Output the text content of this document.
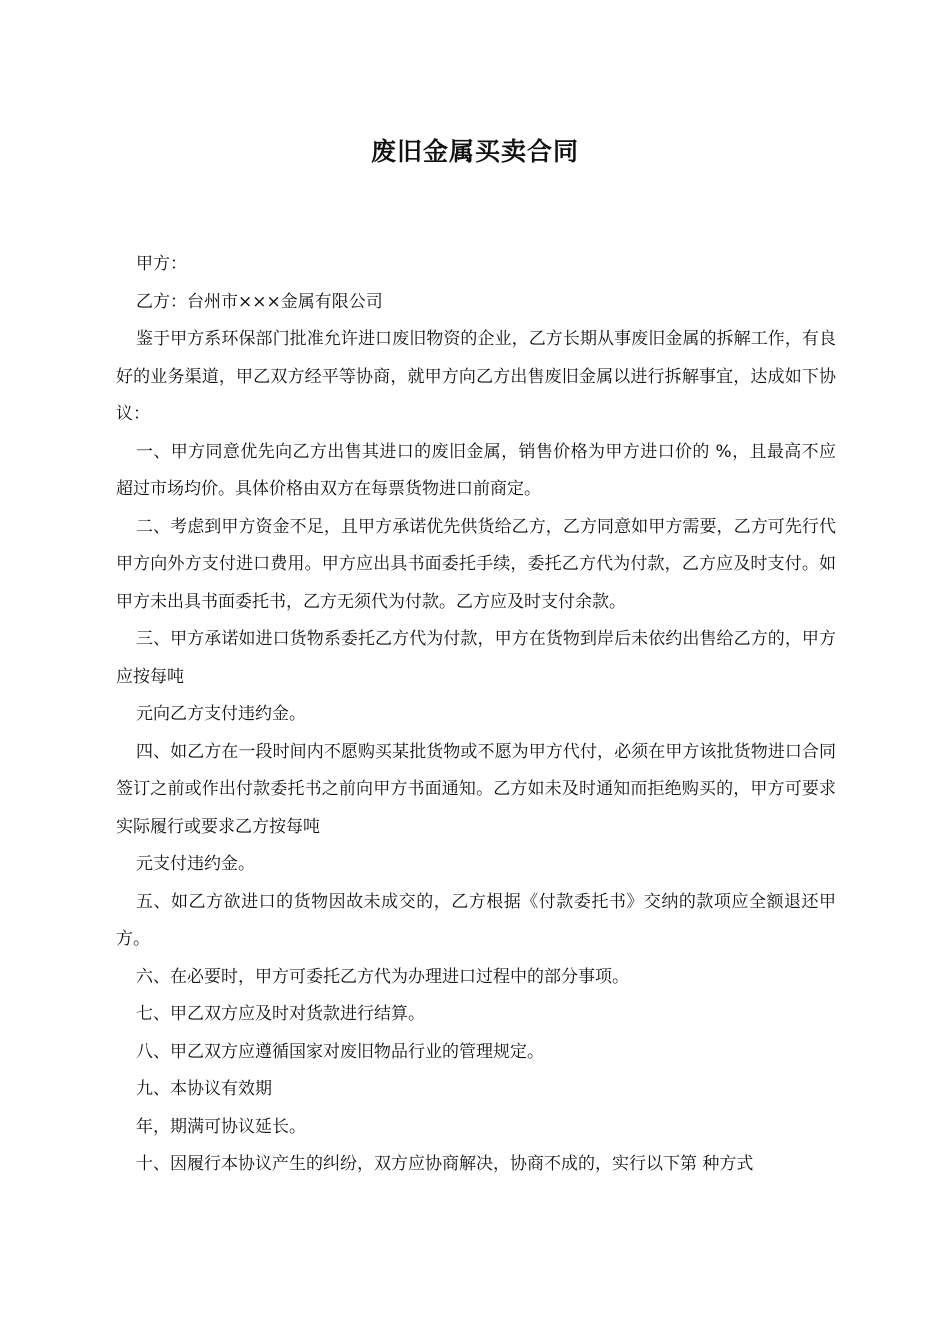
废旧金属买卖合同

甲方：

乙方：台州市×××金属有限公司

鉴于甲方系环保部门批准允许进口废旧物资的企业，乙方长期从事废旧金属的拆解工作，有良好的业务渠道，甲乙双方经平等协商，就甲方向乙方出售废旧金属以进行拆解事宜，达成如下协议：

一、甲方同意优先向乙方出售其进口的废旧金属，销售价格为甲方进口价的 %，且最高不应超过市场均价。具体价格由双方在每票货物进口前商定。

二、考虑到甲方资金不足，且甲方承诺优先供货给乙方，乙方同意如甲方需要，乙方可先行代甲方向外方支付进口费用。甲方应出具书面委托手续，委托乙方代为付款，乙方应及时支付。如甲方未出具书面委托书，乙方无须代为付款。乙方应及时支付余款。

三、甲方承诺如进口货物系委托乙方代为付款，甲方在货物到岸后未依约出售给乙方的，甲方应按每吨

元向乙方支付违约金。

四、如乙方在一段时间内不愿购买某批货物或不愿为甲方代付，必须在甲方该批货物进口合同签订之前或作出付款委托书之前向甲方书面通知。乙方如未及时通知而拒绝购买的，甲方可要求实际履行或要求乙方按每吨

元支付违约金。

五、如乙方欲进口的货物因故未成交的，乙方根据《付款委托书》交纳的款项应全额退还甲方。

六、在必要时，甲方可委托乙方代为办理进口过程中的部分事项。

七、甲乙双方应及时对货款进行结算。

八、甲乙双方应遵循国家对废旧物品行业的管理规定。

九、本协议有效期

年，期满可协议延长。

十、因履行本协议产生的纠纷，双方应协商解决，协商不成的，实行以下第 种方式
